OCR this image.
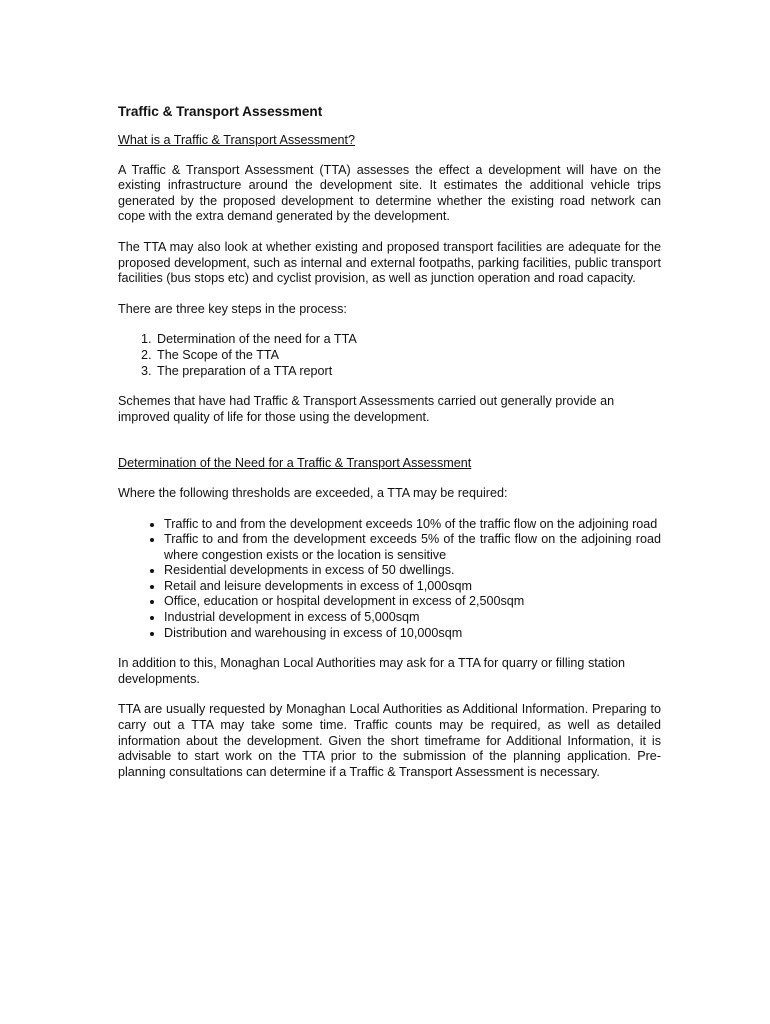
Traffic & Transport Assessment
What is a Traffic & Transport Assessment?

A Traffic & Transport Assessment (TTA) assesses the effect a development will have on the existing infrastructure around the development site. It estimates the additional vehicle trips generated by the proposed development to determine whether the existing road network can cope with the extra demand generated by the development.

The TTA may also look at whether existing and proposed transport facilities are adequate for the proposed development, such as internal and external footpaths, parking facilities, public transport facilities (bus stops etc) and cyclist provision, as well as junction operation and road capacity.

There are three key steps in the process:

1. Determination of the need for a TTA
2. The Scope of the TTA
3. The preparation of a TTA report

Schemes that have had Traffic & Transport Assessments carried out generally provide an improved quality of life for those using the development.

Determination of the Need for a Traffic & Transport Assessment

Where the following thresholds are exceeded, a TTA may be required:

• Traffic to and from the development exceeds 10% of the traffic flow on the adjoining road
• Traffic to and from the development exceeds 5% of the traffic flow on the adjoining road where congestion exists or the location is sensitive
• Residential developments in excess of 50 dwellings.
• Retail and leisure developments in excess of 1,000sqm
• Office, education or hospital development in excess of 2,500sqm
• Industrial development in excess of 5,000sqm
• Distribution and warehousing in excess of 10,000sqm

In addition to this, Monaghan Local Authorities may ask for a TTA for quarry or filling station developments.

TTA are usually requested by Monaghan Local Authorities as Additional Information. Preparing to carry out a TTA may take some time. Traffic counts may be required, as well as detailed information about the development. Given the short timeframe for Additional Information, it is advisable to start work on the TTA prior to the submission of the planning application. Pre-planning consultations can determine if a Traffic & Transport Assessment is necessary.
